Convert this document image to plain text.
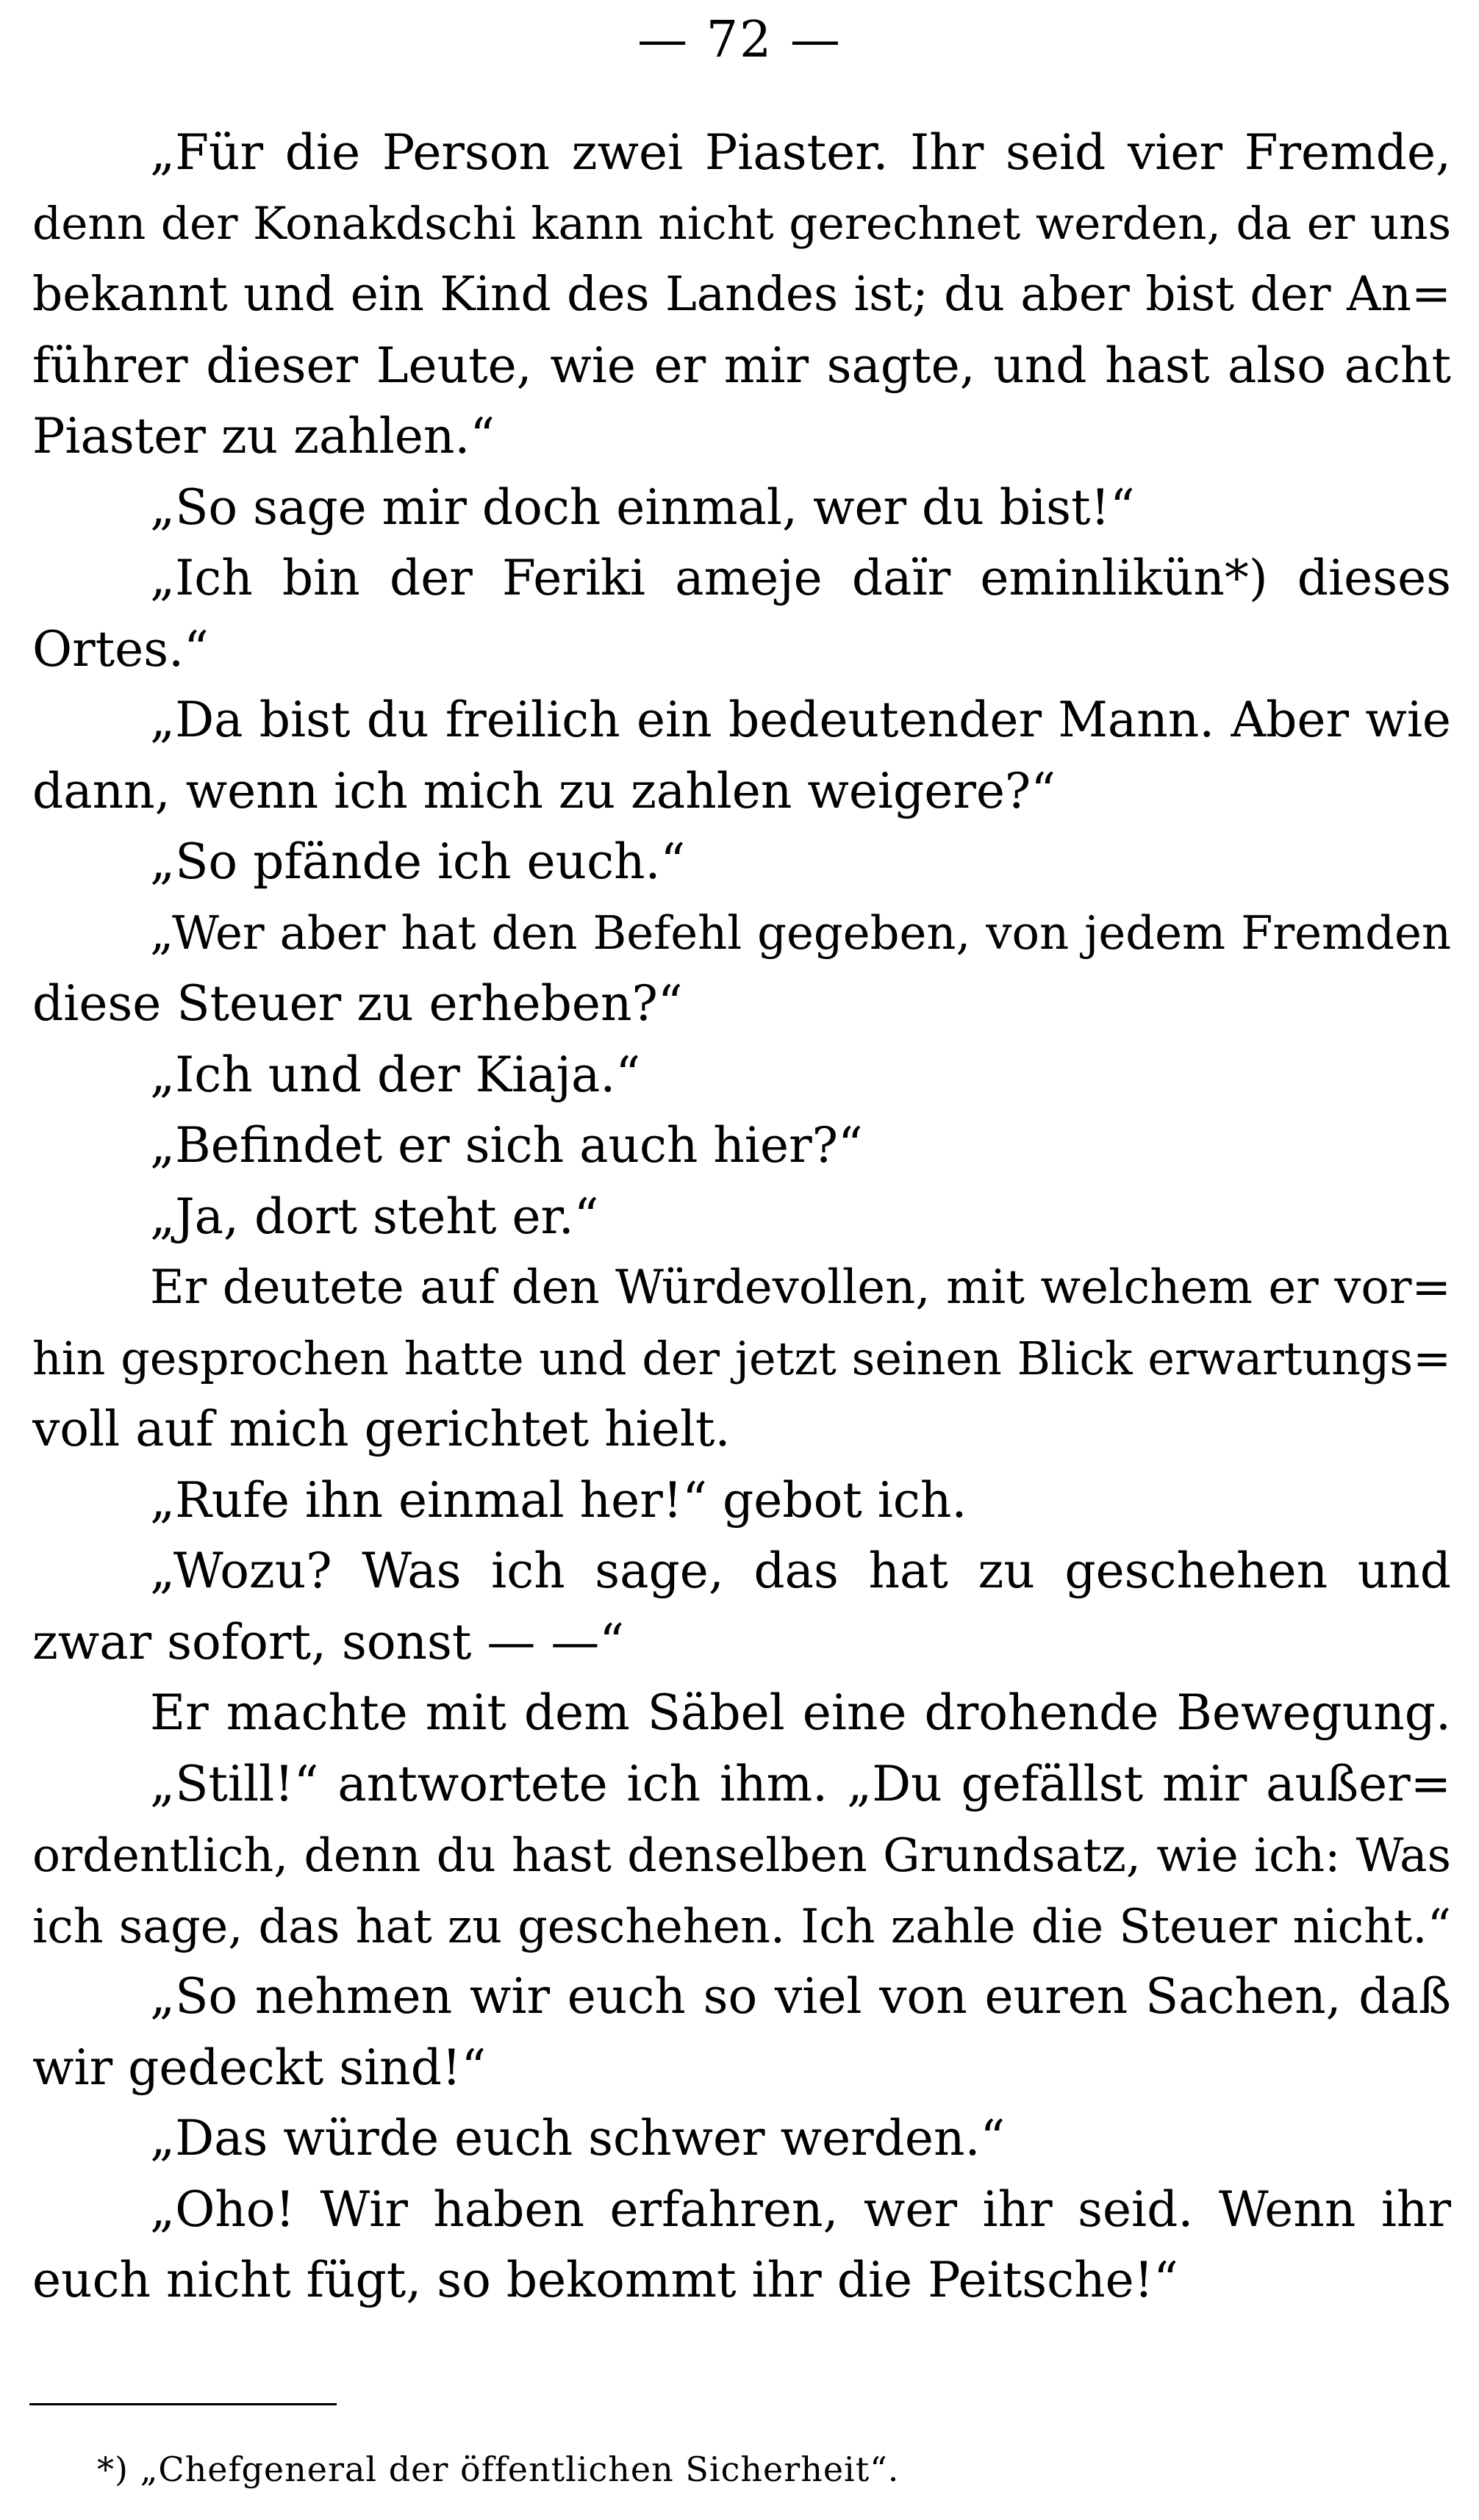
— 72 —
„Für die Person zwei Piaster. Ihr seid vier Fremde,
denn der Konakdschi kann nicht gerechnet werden, da er uns
bekannt und ein Kind des Landes ist; du aber bist der An=
führer dieser Leute, wie er mir sagte, und hast also acht
Piaster zu zahlen.“
„So sage mir doch einmal, wer du bist!“
„Ich bin der Feriki ameje daïr eminlikün*) dieses
Ortes.“
„Da bist du freilich ein bedeutender Mann. Aber wie
dann, wenn ich mich zu zahlen weigere?“
„So pfände ich euch.“
„Wer aber hat den Befehl gegeben, von jedem Fremden
diese Steuer zu erheben?“
„Ich und der Kiaja.“
„Befindet er sich auch hier?“
„Ja, dort steht er.“
Er deutete auf den Würdevollen, mit welchem er vor=
hin gesprochen hatte und der jetzt seinen Blick erwartungs=
voll auf mich gerichtet hielt.
„Rufe ihn einmal her!“ gebot ich.
„Wozu? Was ich sage, das hat zu geschehen und
zwar sofort, sonst — —“
Er machte mit dem Säbel eine drohende Bewegung.
„Still!“ antwortete ich ihm. „Du gefällst mir außer=
ordentlich, denn du hast denselben Grundsatz, wie ich: Was
ich sage, das hat zu geschehen. Ich zahle die Steuer nicht.“
„So nehmen wir euch so viel von euren Sachen, daß
wir gedeckt sind!“
„Das würde euch schwer werden.“
„Oho! Wir haben erfahren, wer ihr seid. Wenn ihr
euch nicht fügt, so bekommt ihr die Peitsche!“
*) „Chefgeneral der öffentlichen Sicherheit“.
